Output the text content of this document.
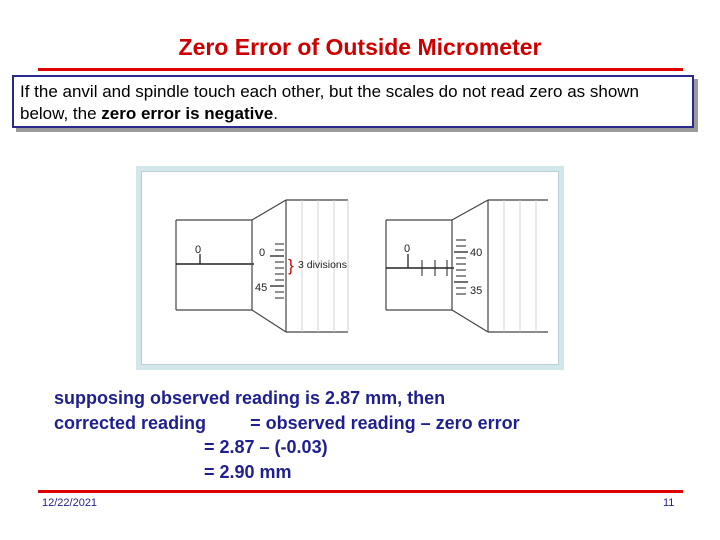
Zero Error of Outside Micrometer
If the anvil and spindle touch each other, but the scales do not read zero as shown below, the zero error is negative.
0	0
45
} 3 divisions
0	40
35
supposing observed reading is 2.87 mm, then
corrected reading = observed reading – zero error
= 2.87 – (-0.03)
= 2.90 mm
12/22/2021	11
